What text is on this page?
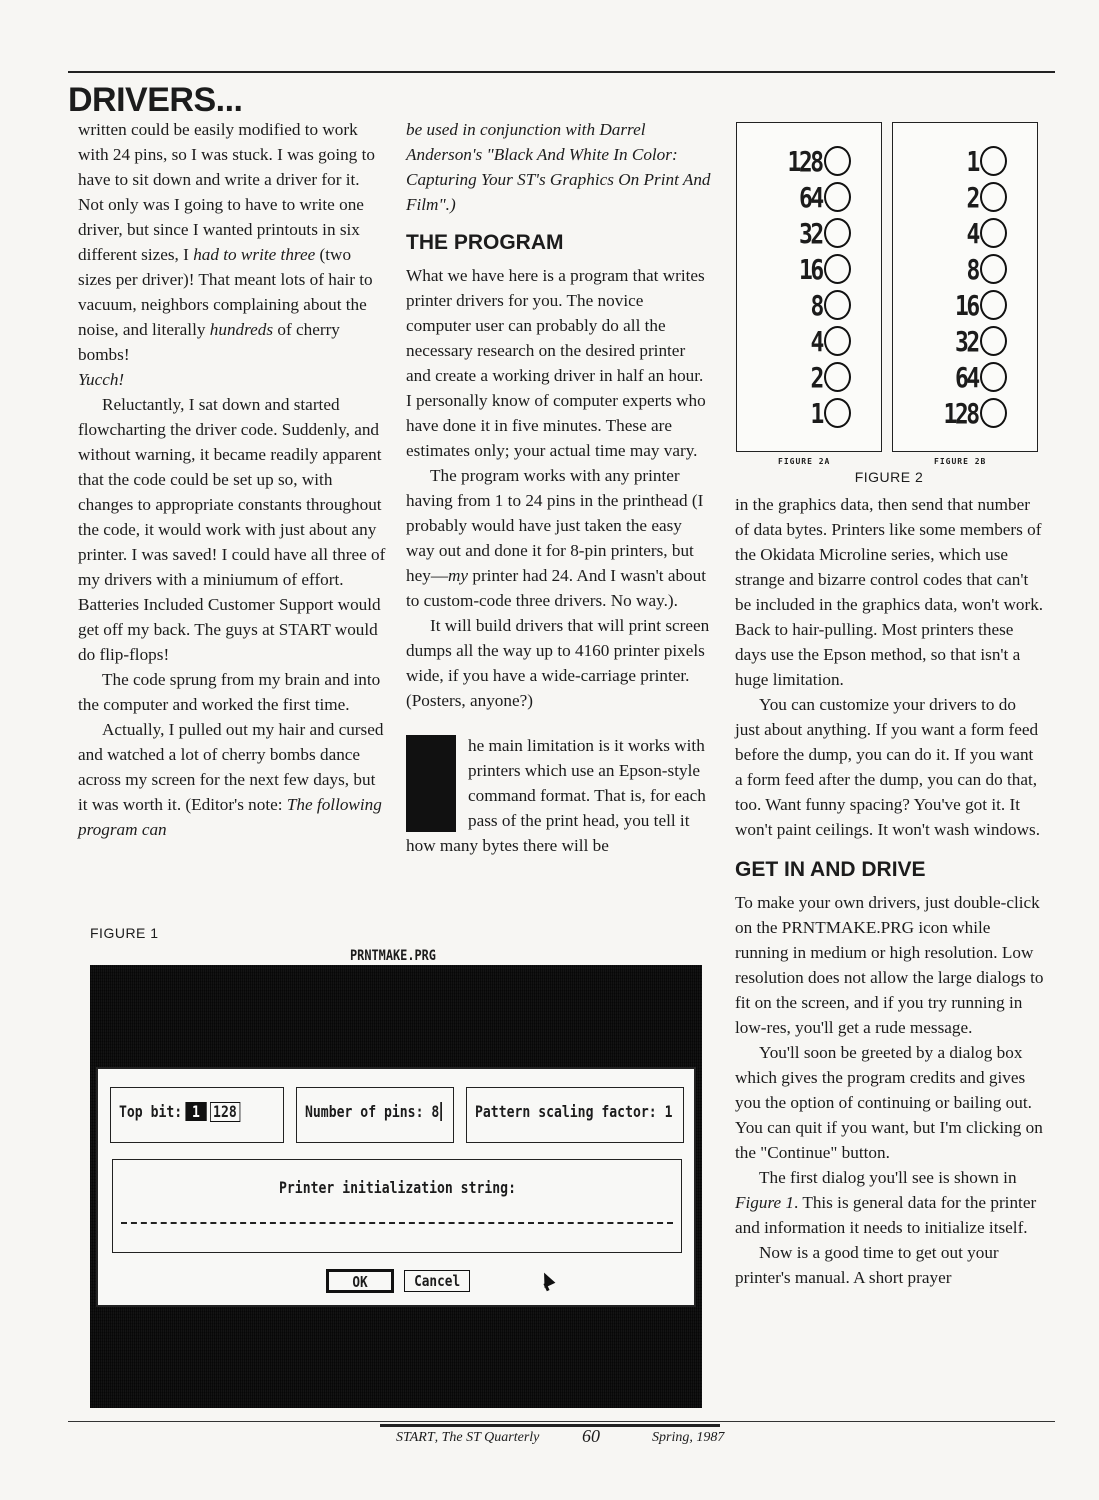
DRIVERS...

written could be easily modified to work with 24 pins, so I was stuck. I was going to have to sit down and write a driver for it. Not only was I going to have to write one driver, but since I wanted printouts in six different sizes, I had to write three (two sizes per driver)! That meant lots of hair to vacuum, neighbors complaining about the noise, and literally hundreds of cherry bombs!
Yucch!

Reluctantly, I sat down and started flowcharting the driver code. Suddenly, and without warning, it became readily apparent that the code could be set up so, with changes to appropriate constants throughout the code, it would work with just about any printer. I was saved! I could have all three of my drivers with a miniumum of effort. Batteries Included Customer Support would get off my back. The guys at START would do flip-flops!

The code sprung from my brain and into the computer and worked the first time.

Actually, I pulled out my hair and cursed and watched a lot of cherry bombs dance across my screen for the next few days, but it was worth it. (Editor's note: The following program can

be used in conjunction with Darrel Anderson's "Black And White In Color: Capturing Your ST's Graphics On Print And Film".)

THE PROGRAM

What we have here is a program that writes printer drivers for you. The novice computer user can probably do all the necessary research on the desired printer and create a working driver in half an hour. I personally know of computer experts who have done it in five minutes. These are estimates only; your actual time may vary.

The program works with any printer having from 1 to 24 pins in the printhead (I probably would have just taken the easy way out and done it for 8-pin printers, but hey—my printer had 24. And I wasn't about to custom-code three drivers. No way.).

It will build drivers that will print screen dumps all the way up to 4160 printer pixels wide, if you have a wide-carriage printer. (Posters, anyone?)

he main limitation is it works with printers which use an Epson-style command format. That is, for each pass of the print head, you tell it how many bytes there will be

128
64
32
16
8
4
2
1
1
2
4
8
16
32
64
128
FIGURE 2A	FIGURE 2B
FIGURE 2

in the graphics data, then send that number of data bytes. Printers like some members of the Okidata Microline series, which use strange and bizarre control codes that can't be included in the graphics data, won't work. Back to hair-pulling. Most printers these days use the Epson method, so that isn't a huge limitation.

You can customize your drivers to do just about anything. If you want a form feed before the dump, you can do it. If you want a form feed after the dump, you can do that, too. Want funny spacing? You've got it. It won't paint ceilings. It won't wash windows.

GET IN AND DRIVE

To make your own drivers, just double-click on the PRNTMAKE.PRG icon while running in medium or high resolution. Low resolution does not allow the large dialogs to fit on the screen, and if you try running in low-res, you'll get a rude message.

You'll soon be greeted by a dialog box which gives the program credits and gives you the option of continuing or bailing out. You can quit if you want, but I'm clicking on the "Continue" button.

The first dialog you'll see is shown in Figure 1. This is general data for the printer and information it needs to initialize itself.

Now is a good time to get out your printer's manual. A short prayer

FIGURE 1
PRNTMAKE.PRG
Top bit: 1 128	Number of pins: 8 Pattern scaling factor: 1
Printer initialization string:
OK	Cancel
START, The ST Quarterly 60	Spring, 1987
